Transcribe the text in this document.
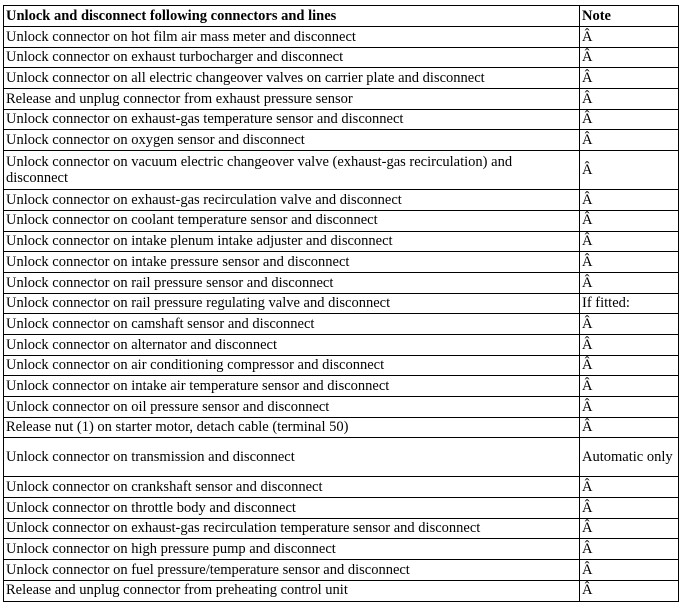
Unlock and disconnect following connectors and lines	Note
Unlock connector on hot film air mass meter and disconnect	Â
Unlock connector on exhaust turbocharger and disconnect	Â
Unlock connector on all electric changeover valves on carrier plate and disconnect	Â
Release and unplug connector from exhaust pressure sensor	Â
Unlock connector on exhaust-gas temperature sensor and disconnect	Â
Unlock connector on oxygen sensor and disconnect	Â
Unlock connector on vacuum electric changeover valve (exhaust-gas recirculation) and disconnect	Â
Unlock connector on exhaust-gas recirculation valve and disconnect	Â
Unlock connector on coolant temperature sensor and disconnect	Â
Unlock connector on intake plenum intake adjuster and disconnect	Â
Unlock connector on intake pressure sensor and disconnect	Â
Unlock connector on rail pressure sensor and disconnect	Â
Unlock connector on rail pressure regulating valve and disconnect	If fitted:
Unlock connector on camshaft sensor and disconnect	Â
Unlock connector on alternator and disconnect	Â
Unlock connector on air conditioning compressor and disconnect	Â
Unlock connector on intake air temperature sensor and disconnect	Â
Unlock connector on oil pressure sensor and disconnect	Â
Release nut (1) on starter motor, detach cable (terminal 50)	Â
Unlock connector on transmission and disconnect	Automatic only
Unlock connector on crankshaft sensor and disconnect	Â
Unlock connector on throttle body and disconnect	Â
Unlock connector on exhaust-gas recirculation temperature sensor and disconnect	Â
Unlock connector on high pressure pump and disconnect	Â
Unlock connector on fuel pressure/temperature sensor and disconnect	Â
Release and unplug connector from preheating control unit	Â
